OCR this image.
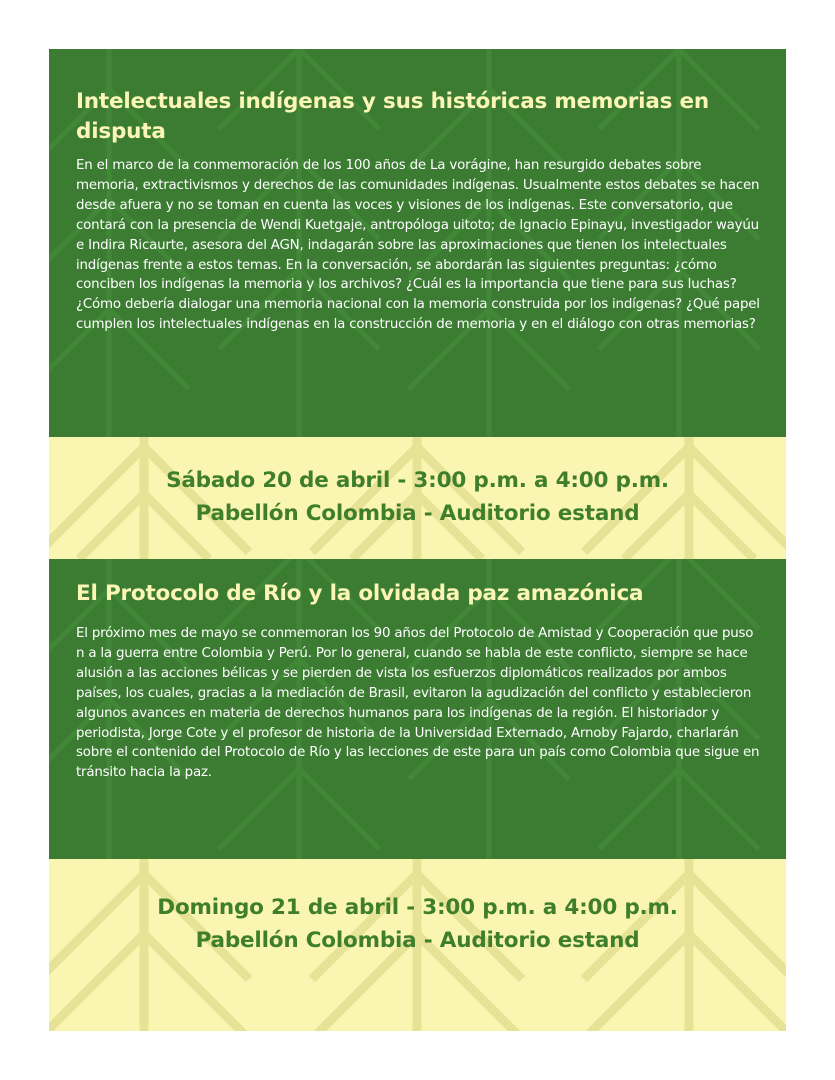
Intelectuales indígenas y sus históricas memorias en disputa

En el marco de la conmemoración de los 100 años de La vorágine, han resurgido debates sobre memoria, extractivismos y derechos de las comunidades indígenas. Usualmente estos debates se hacen desde afuera y no se toman en cuenta las voces y visiones de los indígenas. Este conversatorio, que contará con la presencia de Wendi Kuetgaje, antropóloga uitoto; de Ignacio Epinayu, investigador wayúu e Indira Ricaurte, asesora del AGN, indagarán sobre las aproximaciones que tienen los intelectuales indígenas frente a estos temas. En la conversación, se abordarán las siguientes preguntas: ¿cómo conciben los indígenas la memoria y los archivos? ¿Cuál es la importancia que tiene para sus luchas? ¿Cómo debería dialogar una memoria nacional con la memoria construida por los indígenas? ¿Qué papel cumplen los intelectuales indígenas en la construcción de memoria y en el diálogo con otras memorias?

Sábado 20 de abril - 3:00 p.m. a 4:00 p.m.
Pabellón Colombia - Auditorio estand
El Protocolo de Río y la olvidada paz amazónica

El próximo mes de mayo se conmemoran los 90 años del Protocolo de Amistad y Cooperación que puso n a la guerra entre Colombia y Perú. Por lo general, cuando se habla de este conflicto, siempre se hace alusión a las acciones bélicas y se pierden de vista los esfuerzos diplomáticos realizados por ambos países, los cuales, gracias a la mediación de Brasil, evitaron la agudización del conflicto y establecieron algunos avances en materia de derechos humanos para los indígenas de la región. El historiador y periodista, Jorge Cote y el profesor de historia de la Universidad Externado, Arnoby Fajardo, charlarán sobre el contenido del Protocolo de Río y las lecciones de este para un país como Colombia que sigue en tránsito hacia la paz.

Domingo 21 de abril - 3:00 p.m. a 4:00 p.m.
Pabellón Colombia - Auditorio estand
